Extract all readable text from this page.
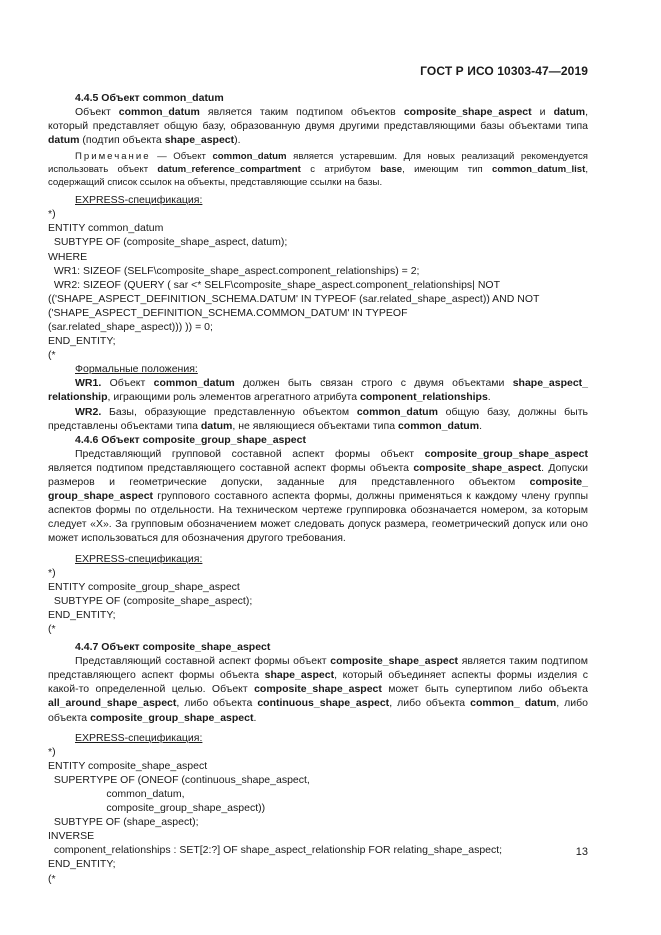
ГОСТ Р ИСО 10303-47—2019

4.4.5 Объект common_datum

Объект common_datum является таким подтипом объектов composite_shape_aspect и datum, который представляет общую базу, образованную двумя другими представляющими базы объектами типа datum (подтип объекта shape_aspect).

Примечание — Объект common_datum является устаревшим. Для новых реализаций рекомендуется использовать объект datum_reference_compartment с атрибутом base, имеющим тип common_datum_list, содержащий список ссылок на объекты, представляющие ссылки на базы.

EXPRESS-спецификация:

*)
ENTITY common_datum
SUBTYPE OF (composite_shape_aspect, datum);
WHERE
WR1: SIZEOF (SELF\composite_shape_aspect.component_relationships) = 2;
WR2: SIZEOF (QUERY ( sar <* SELF\composite_shape_aspect.component_relationships| NOT
(('SHAPE_ASPECT_DEFINITION_SCHEMA.DATUM' IN TYPEOF (sar.related_shape_aspect)) AND NOT
('SHAPE_ASPECT_DEFINITION_SCHEMA.COMMON_DATUM' IN TYPEOF
(sar.related_shape_aspect))) )) = 0;
END_ENTITY;
(*

Формальные положения:

WR1. Объект common_datum должен быть связан строго с двумя объектами shape_aspect_ relationship, играющими роль элементов агрегатного атрибута component_relationships.

WR2. Базы, образующие представленную объектом common_datum общую базу, должны быть представлены объектами типа datum, не являющиеся объектами типа common_datum.

4.4.6 Объект composite_group_shape_aspect

Представляющий групповой составной аспект формы объект composite_group_shape_aspect является подтипом представляющего составной аспект формы объекта composite_shape_aspect. Допуски размеров и геометрические допуски, заданные для представленного объектом composite_ group_shape_aspect группового составного аспекта формы, должны применяться к каждому члену группы аспектов формы по отдельности. На техническом чертеже группировка обозначается номером, за которым следует «X». За групповым обозначением может следовать допуск размера, геометрический допуск или оно может использоваться для обозначения другого требования.

EXPRESS-спецификация:

*)
ENTITY composite_group_shape_aspect
SUBTYPE OF (composite_shape_aspect);
END_ENTITY;
(*

4.4.7 Объект composite_shape_aspect

Представляющий составной аспект формы объект composite_shape_aspect является таким подтипом представляющего аспект формы объекта shape_aspect, который объединяет аспекты формы изделия с какой-то определенной целью. Объект composite_shape_aspect может быть супертипом либо объекта all_around_shape_aspect, либо объекта continuous_shape_aspect, либо объекта common_ datum, либо объекта composite_group_shape_aspect.

EXPRESS-спецификация:

*)
ENTITY composite_shape_aspect
SUPERTYPE OF (ONEOF (continuous_shape_aspect,
common_datum,
composite_group_shape_aspect))
SUBTYPE OF (shape_aspect);
INVERSE
component_relationships : SET[2:?] OF shape_aspect_relationship FOR relating_shape_aspect;
END_ENTITY;
(*
13
